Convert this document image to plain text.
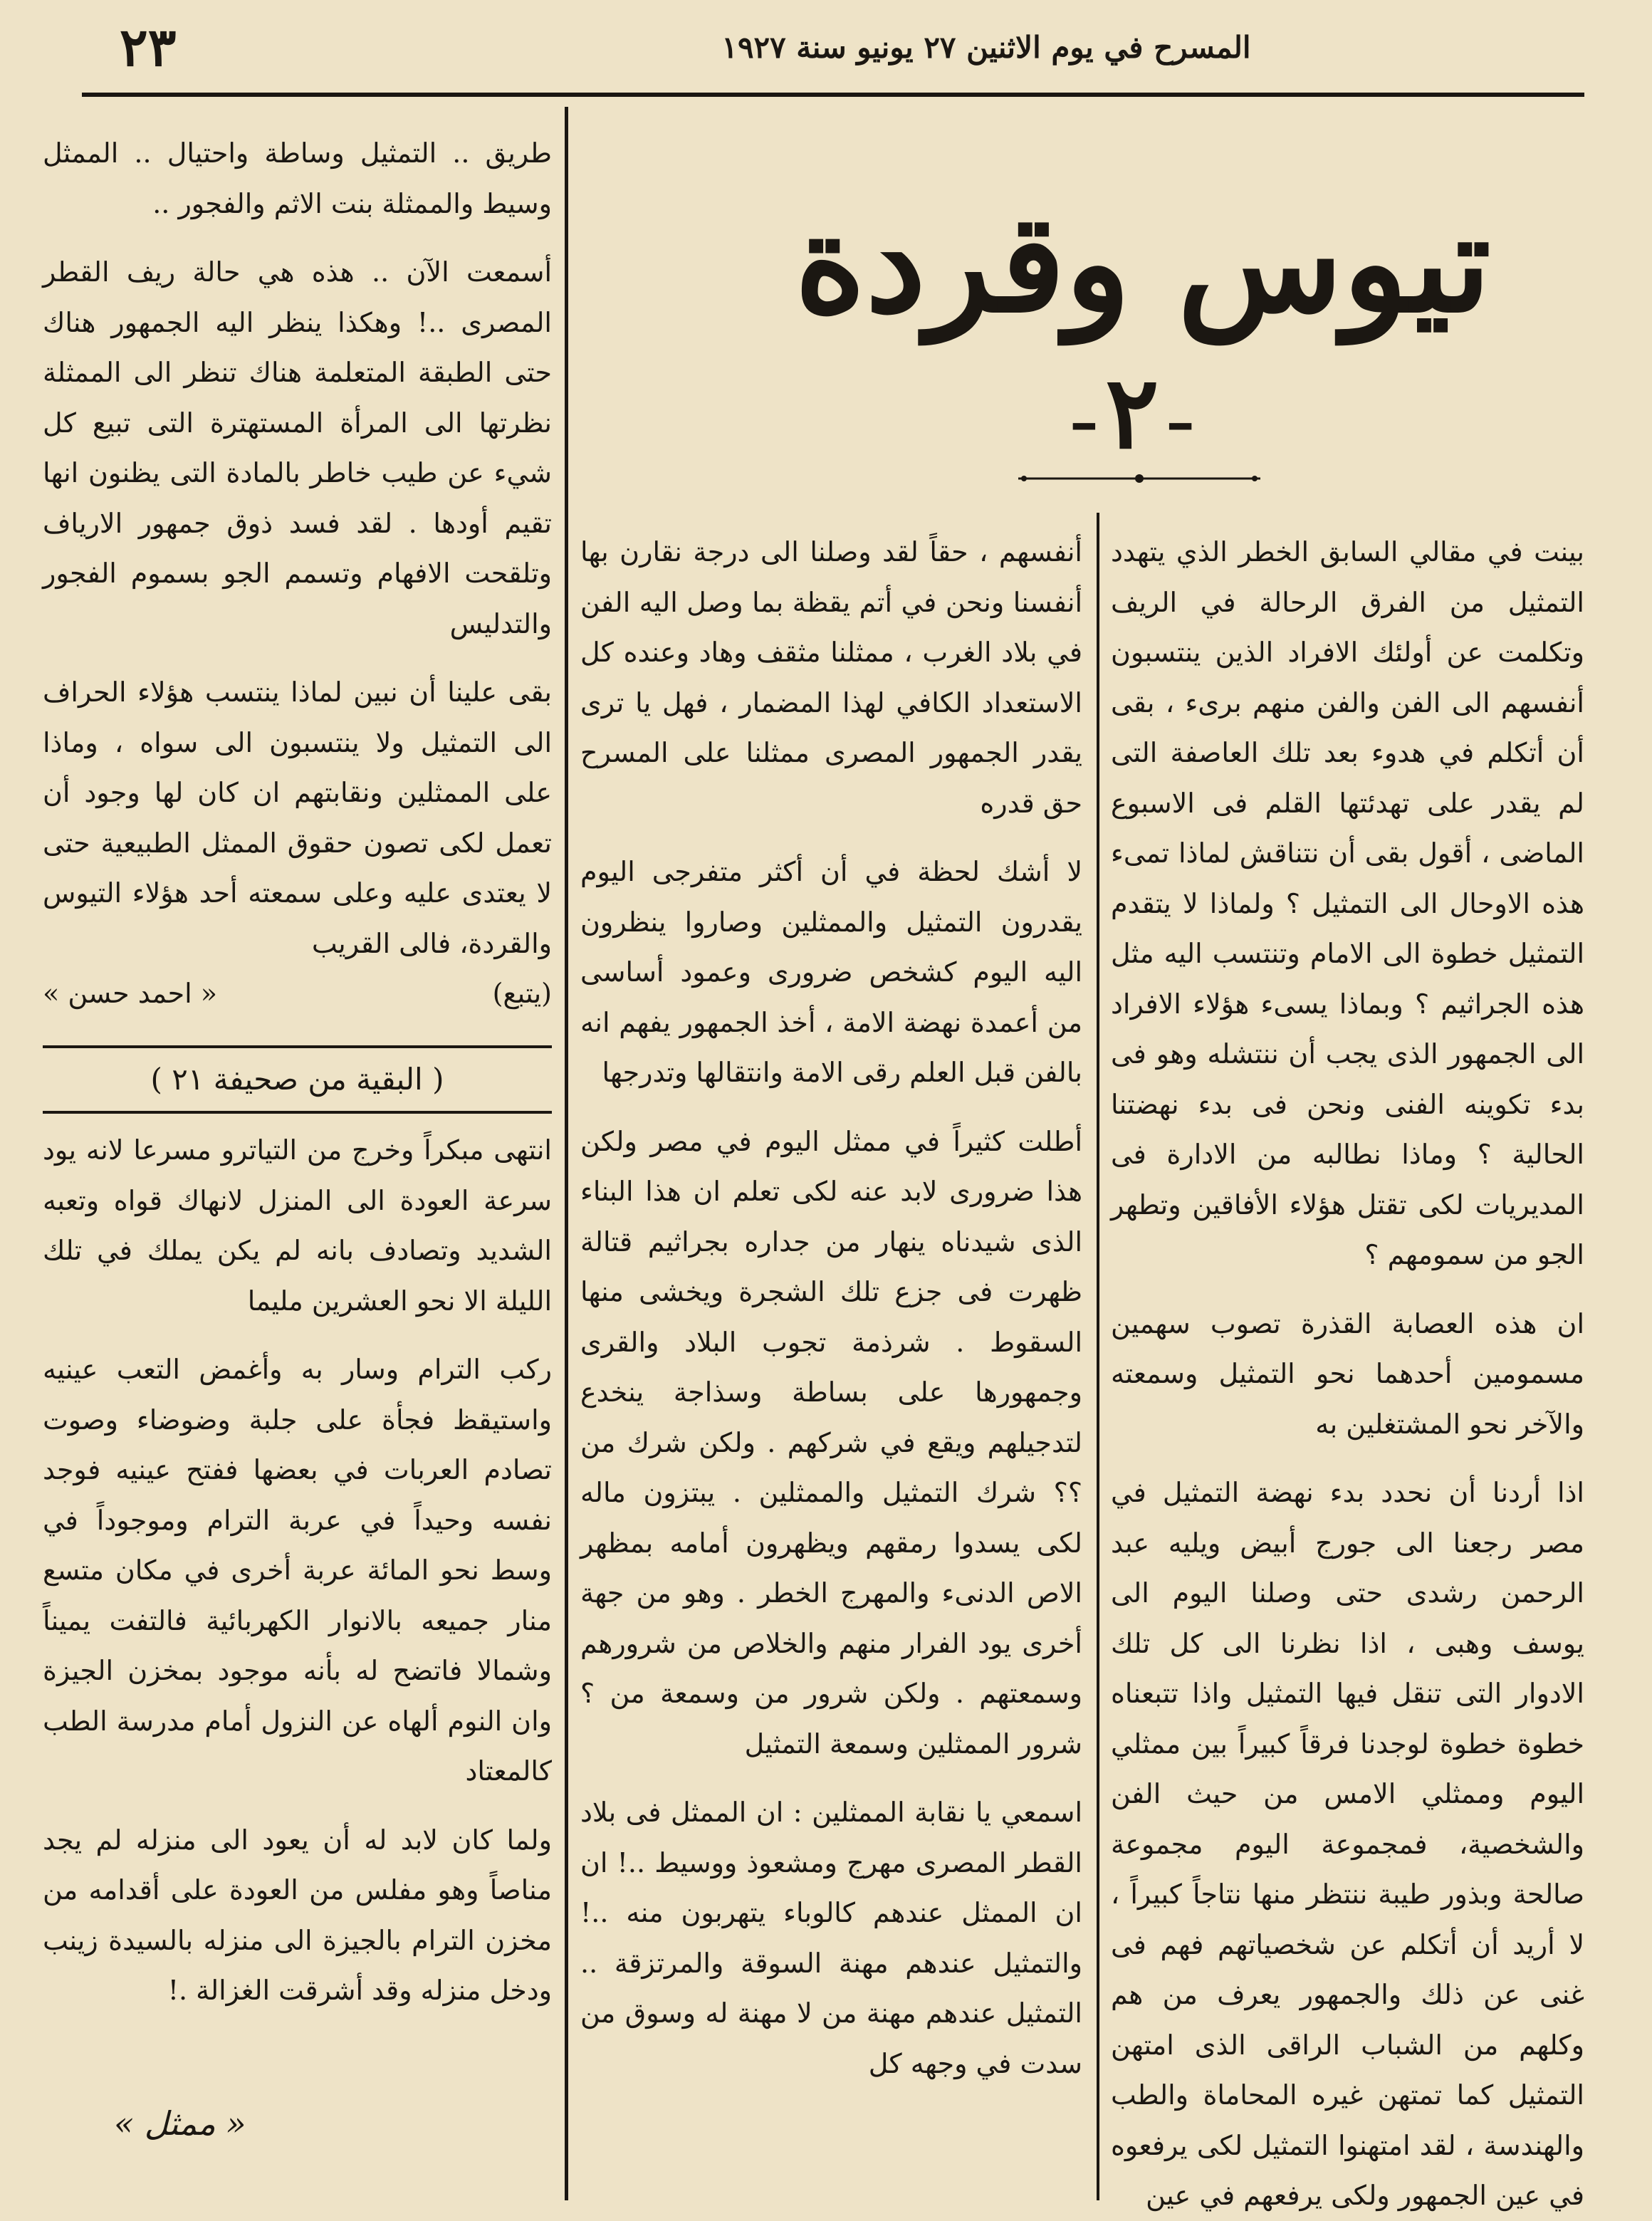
٢٣	المسرح في يوم الاثنين ٢٧ يونيو سنة ١٩٢٧
تيوس وقردة
–٢–

بينت في مقالي السابق الخطر الذي يتهدد التمثيل من الفرق الرحالة في الريف وتكلمت عن أولئك الافراد الذين ينتسبون أنفسهم الى الفن والفن منهم برىء ، بقى أن أتكلم في هدوء بعد تلك العاصفة التى لم يقدر على تهدئتها القلم فى الاسبوع الماضى ، أقول بقى أن نتناقش لماذا تمىء هذه الاوحال الى التمثيل ؟ ولماذا لا يتقدم التمثيل خطوة الى الامام وتنتسب اليه مثل هذه الجراثيم ؟ وبماذا يسىء هؤلاء الافراد الى الجمهور الذى يجب أن ننتشله وهو فى بدء تكوينه الفنى ونحن فى بدء نهضتنا الحالية ؟ وماذا نطالبه من الادارة فى المديريات لكى تقتل هؤلاء الأفاقين وتطهر الجو من سمومهم ؟

ان هذه العصابة القذرة تصوب سهمين مسمومين أحدهما نحو التمثيل وسمعته والآخر نحو المشتغلين به

اذا أردنا أن نحدد بدء نهضة التمثيل في مصر رجعنا الى جورج أبيض ويليه عبد الرحمن رشدى حتى وصلنا اليوم الى يوسف وهبى ، اذا نظرنا الى كل تلك الادوار التى تنقل فيها التمثيل واذا تتبعناه خطوة خطوة لوجدنا فرقاً كبيراً بين ممثلي اليوم وممثلي الامس من حيث الفن والشخصية، فمجموعة اليوم مجموعة صالحة وبذور طيبة ننتظر منها نتاجاً كبيراً ، لا أريد أن أتكلم عن شخصياتهم فهم فى غنى عن ذلك والجمهور يعرف من هم وكلهم من الشباب الراقى الذى امتهن التمثيل كما تمتهن غيره المحاماة والطب والهندسة ، لقد امتهنوا التمثيل لكى يرفعوه في عين الجمهور ولكى يرفعهم في عين

أنفسهم ، حقاً لقد وصلنا الى درجة نقارن بها أنفسنا ونحن في أتم يقظة بما وصل اليه الفن في بلاد الغرب ، ممثلنا مثقف وهاد وعنده كل الاستعداد الكافي لهذا المضمار ، فهل يا ترى يقدر الجمهور المصرى ممثلنا على المسرح حق قدره

لا أشك لحظة في أن أكثر متفرجى اليوم يقدرون التمثيل والممثلين وصاروا ينظرون اليه اليوم كشخص ضرورى وعمود أساسى من أعمدة نهضة الامة ، أخذ الجمهور يفهم انه بالفن قبل العلم رقى الامة وانتقالها وتدرجها

أطلت كثيراً في ممثل اليوم في مصر ولكن هذا ضرورى لابد عنه لكى تعلم ان هذا البناء الذى شيدناه ينهار من جداره بجراثيم قتالة ظهرت فى جزع تلك الشجرة ويخشى منها السقوط . شرذمة تجوب البلاد والقرى وجمهورها على بساطة وسذاجة ينخدع لتدجيلهم ويقع في شركهم . ولكن شرك من ؟؟ شرك التمثيل والممثلين . يبتزون ماله لكى يسدوا رمقهم ويظهرون أمامه بمظهر الاص الدنىء والمهرج الخطر . وهو من جهة أخرى يود الفرار منهم والخلاص من شرورهم وسمعتهم . ولكن شرور من وسمعة من ؟ شرور الممثلين وسمعة التمثيل

اسمعي يا نقابة الممثلين : ان الممثل فى بلاد القطر المصرى مهرج ومشعوذ ووسيط ..! ان ان الممثل عندهم كالوباء يتهربون منه ..! والتمثيل عندهم مهنة السوقة والمرتزقة .. التمثيل عندهم مهنة من لا مهنة له وسوق من سدت في وجهه كل

طريق .. التمثيل وساطة واحتيال .. الممثل وسيط والممثلة بنت الاثم والفجور ..

أسمعت الآن .. هذه هي حالة ريف القطر المصرى ..! وهكذا ينظر اليه الجمهور هناك حتى الطبقة المتعلمة هناك تنظر الى الممثلة نظرتها الى المرأة المستهترة التى تبيع كل شيء عن طيب خاطر بالمادة التى يظنون انها تقيم أودها . لقد فسد ذوق جمهور الارياف وتلقحت الافهام وتسمم الجو بسموم الفجور والتدليس

بقى علينا أن نبين لماذا ينتسب هؤلاء الحراف الى التمثيل ولا ينتسبون الى سواه ، وماذا على الممثلين ونقابتهم ان كان لها وجود أن تعمل لكى تصون حقوق الممثل الطبيعية حتى لا يعتدى عليه وعلى سمعته أحد هؤلاء التيوس والقردة، فالى القريب

(يتبع)
« احمد حسن »
( البقية من صحيفة ٢١ )

انتهى مبكراً وخرج من التياترو مسرعا لانه يود سرعة العودة الى المنزل لانهاك قواه وتعبه الشديد وتصادف بانه لم يكن يملك في تلك الليلة الا نحو العشرين مليما

ركب الترام وسار به وأغمض التعب عينيه واستيقظ فجأة على جلبة وضوضاء وصوت تصادم العربات في بعضها ففتح عينيه فوجد نفسه وحيداً في عربة الترام وموجوداً في وسط نحو المائة عربة أخرى في مكان متسع منار جميعه بالانوار الكهربائية فالتفت يميناً وشمالا فاتضح له بأنه موجود بمخزن الجيزة وان النوم ألهاه عن النزول أمام مدرسة الطب كالمعتاد

ولما كان لابد له أن يعود الى منزله لم يجد مناصاً وهو مفلس من العودة على أقدامه من مخزن الترام بالجيزة الى منزله بالسيدة زينب ودخل منزله وقد أشرقت الغزالة .!

« ممثل »
